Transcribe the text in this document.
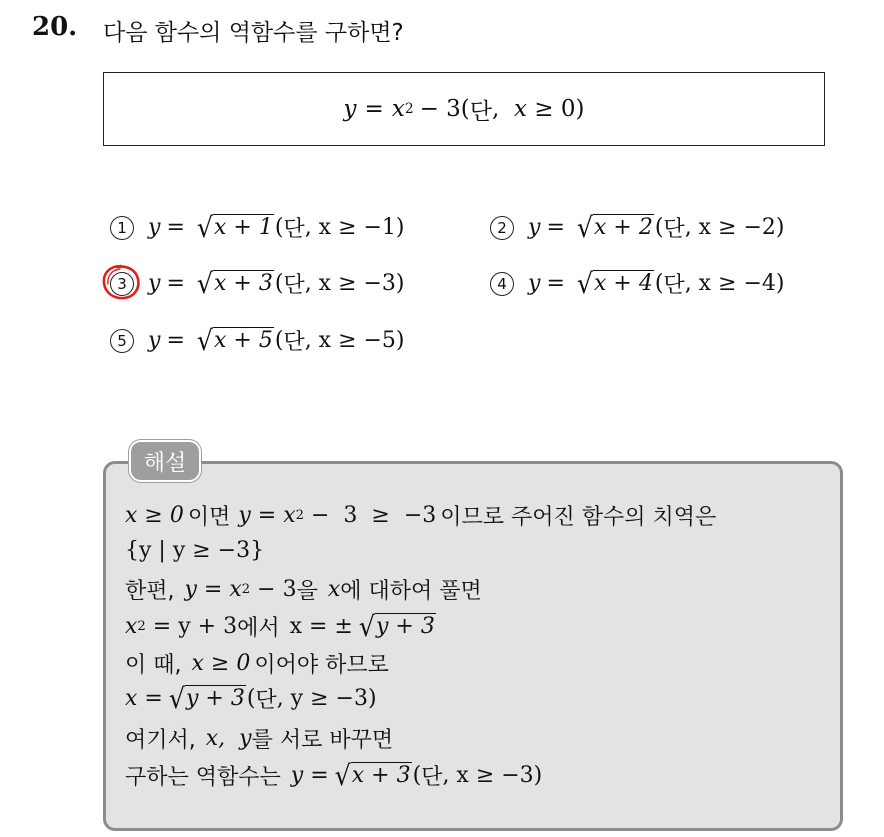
20. 다음 함수의 역함수를 구하면?
y = x 2 − 3( 단 , x
≥ 0)
1 y = √ x + 1 ( 단 , x ≥ −1)	2 y = √ x + 2 ( 단 , x ≥ −2)
3 y = √ x + 3 ( 단 , x ≥ −3)	4 y = √ x + 4 ( 단 , x ≥ −4)
5 y = √ x + 5 ( 단 , x ≥ −5)
해설
x ≥ 0 이면 y = x 2 −  3  ≥  −3 이므로 주어진 함수의 치역은
{y | y ≥ −3}
한편, y = x 2 − 3 을 x 에 대하여 풀면
x 2 = y + 3 에서 x = ± √ y + 3
이 때, x ≥ 0 이어야 하므로
x = √ y + 3 ( 단 , y ≥ −3)
여기서, x,  y 를 서로 바꾸면
구하는 역함수는 y = √ x + 3 ( 단 , x ≥ −3)
